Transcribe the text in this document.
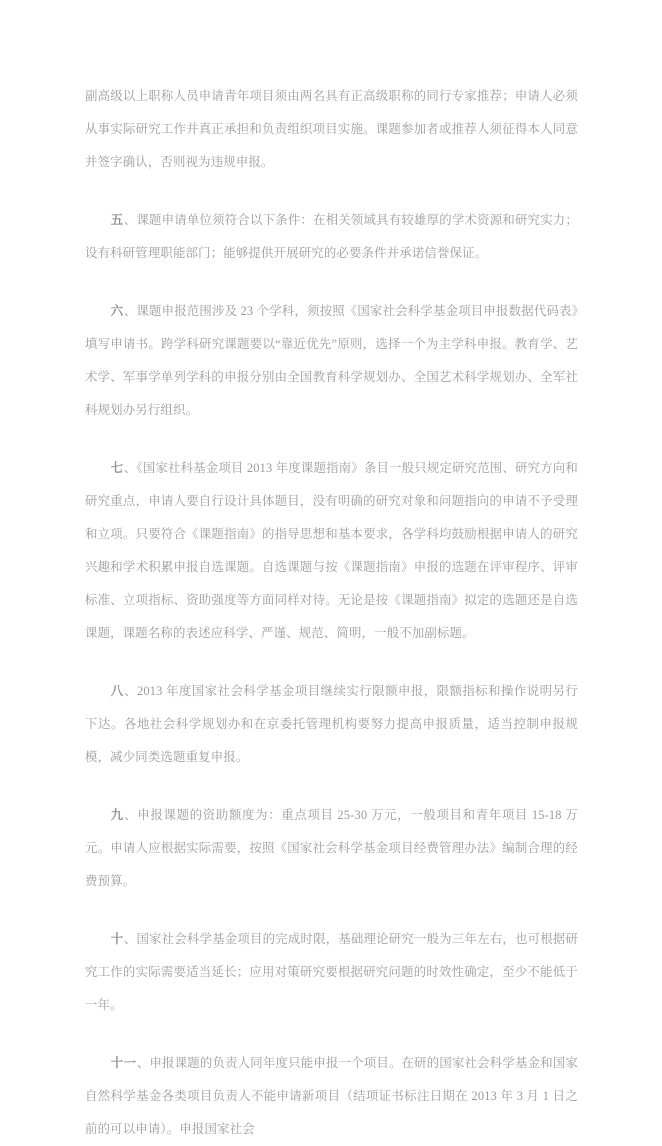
副高级以上职称人员申请青年项目须由两名具有正高级职称的同行专家推荐；申请人必须从事实际研究工作并真正承担和负责组织项目实施。课题参加者或推荐人须征得本人同意并签字确认，否则视为违规申报。

五、课题申请单位须符合以下条件：在相关领域具有较雄厚的学术资源和研究实力；设有科研管理职能部门；能够提供开展研究的必要条件并承诺信誉保证。

六、课题申报范围涉及 23 个学科，须按照《国家社会科学基金项目申报数据代码表》填写申请书。跨学科研究课题要以“靠近优先”原则，选择一个为主学科申报。教育学、艺术学、军事学单列学科的申报分别由全国教育科学规划办、全国艺术科学规划办、全军社科规划办另行组织。

七、《国家社科基金项目 2013 年度课题指南》条目一般只规定研究范围、研究方向和研究重点，申请人要自行设计具体题目，没有明确的研究对象和问题指向的申请不予受理和立项。只要符合《课题指南》的指导思想和基本要求，各学科均鼓励根据申请人的研究兴趣和学术积累申报自选课题。自选课题与按《课题指南》申报的选题在评审程序、评审标准、立项指标、资助强度等方面同样对待。无论是按《课题指南》拟定的选题还是自选课题，课题名称的表述应科学、严谨、规范、简明，一般不加副标题。

八、2013 年度国家社会科学基金项目继续实行限额申报，限额指标和操作说明另行下达。各地社会科学规划办和在京委托管理机构要努力提高申报质量，适当控制申报规模，减少同类选题重复申报。

九、申报课题的资助额度为：重点项目 25-30 万元，一般项目和青年项目 15-18 万元。申请人应根据实际需要，按照《国家社会科学基金项目经费管理办法》编制合理的经费预算。

十、国家社会科学基金项目的完成时限，基础理论研究一般为三年左右，也可根据研究工作的实际需要适当延长；应用对策研究要根据研究问题的时效性确定，至少不能低于一年。

十一、申报课题的负责人同年度只能申报一个项目。在研的国家社会科学基金和国家自然科学基金各类项目负责人不能申请新项目（结项证书标注日期在 2013 年 3 月 1 日之前的可以申请）。申报国家社会
